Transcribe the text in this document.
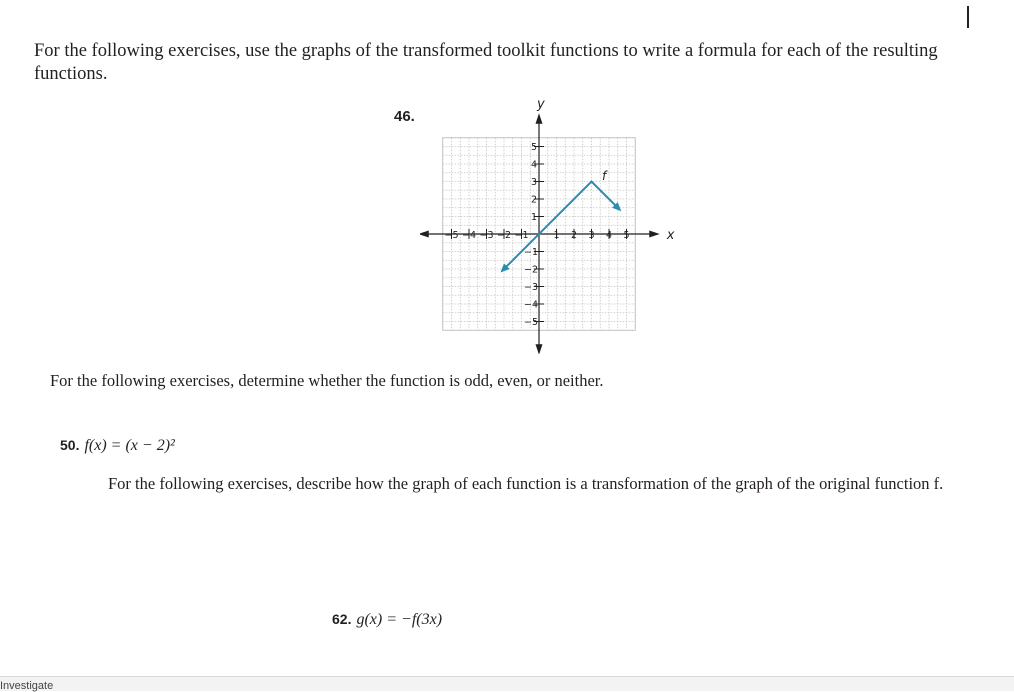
For the following exercises, use the graphs of the transformed toolkit functions to write a formula for each of the resulting functions.

46.
x
y
−5 −4 −3 −2 −1	1 2 3 4 5
5
4
3
2
1
−1
−2
−3
−4
−5
f

For the following exercises, determine whether the function is odd, even, or neither.

50. f(x) = (x − 2)²

For the following exercises, describe how the graph of each function is a transformation of the graph of the original function f.

62. g(x) = −f(3x)
Investigate
